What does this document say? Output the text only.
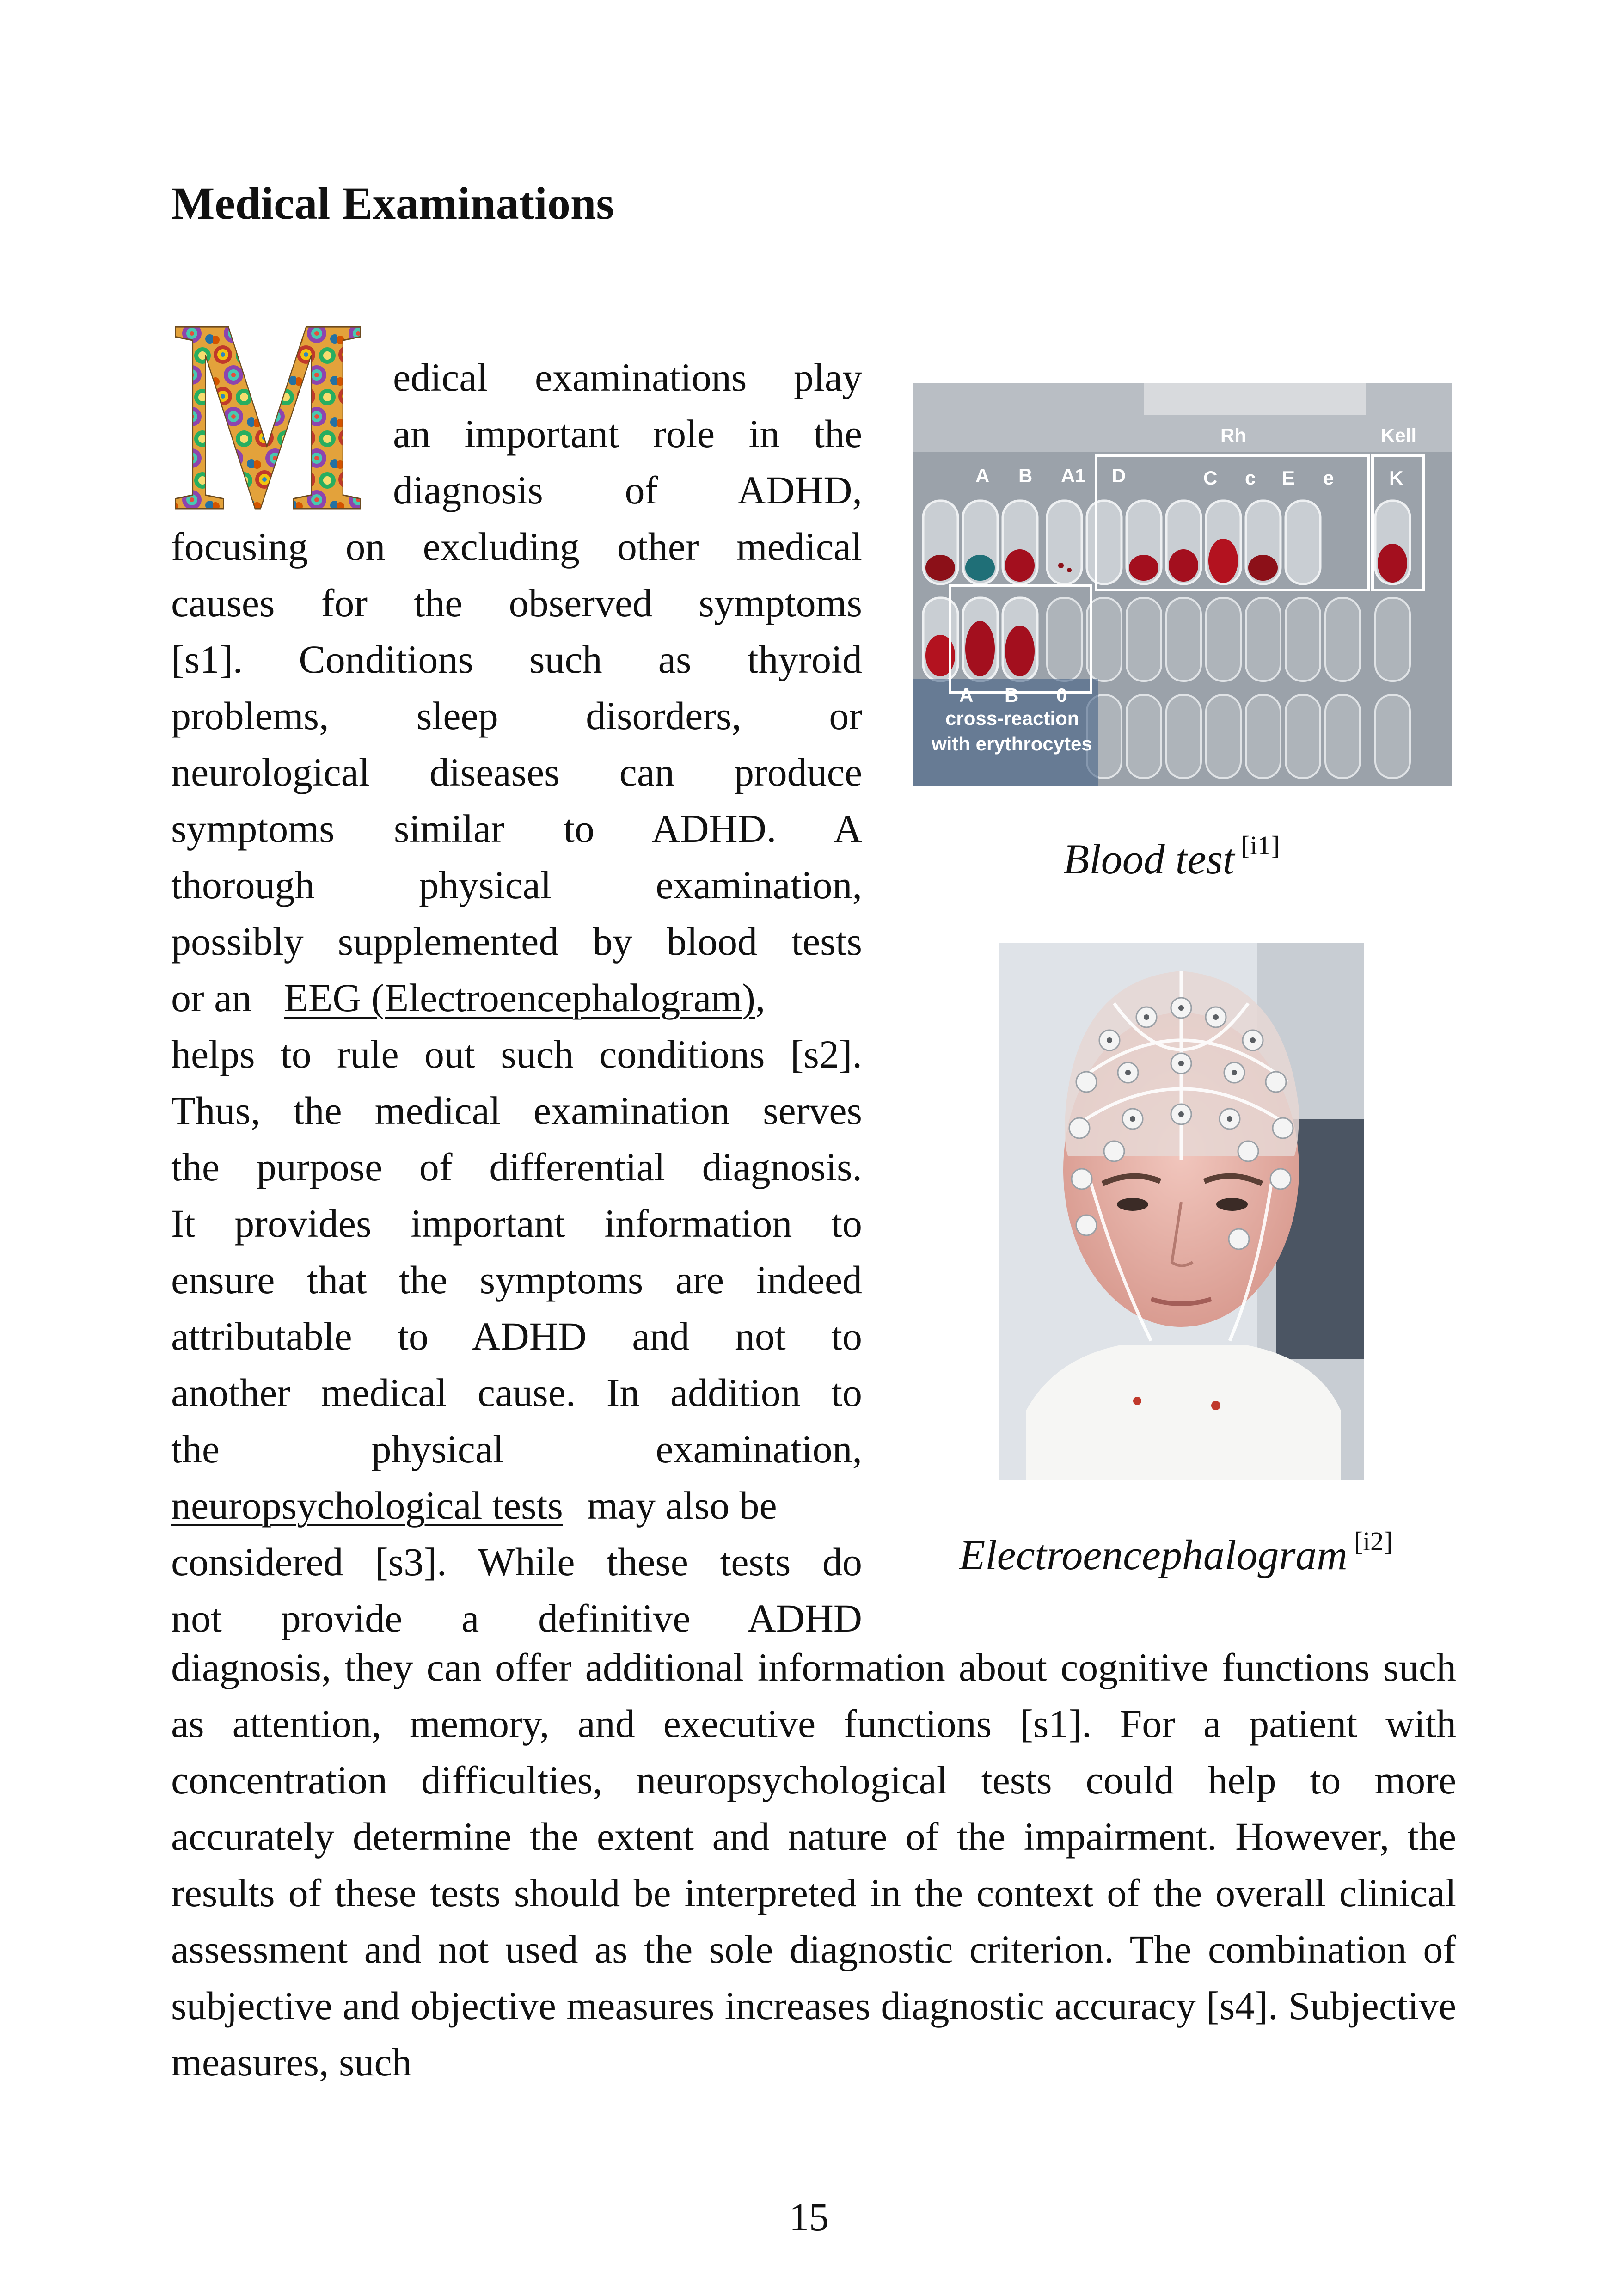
Medical Examinations
M edical examinations play
an important role in the
diagnosis of ADHD,
focusing on excluding other medical
causes for the observed symptoms
[s1]. Conditions such as thyroid
problems, sleep disorders, or
neurological diseases can produce
symptoms similar to ADHD. A
thorough physical examination,
possibly supplemented by blood tests
or an EEG (Electroencephalogram),
helps to rule out such conditions [s2].
Thus, the medical examination serves
the purpose of differential diagnosis.
It provides important information to
ensure that the symptoms are indeed
attributable to ADHD and not to
another medical cause. In addition to
the physical examination,
neuropsychological tests may also be
considered [s3]. While these tests do
not provide a definitive ADHD
diagnosis, they can offer additional information about cognitive functions such as attention, memory, and executive functions [s1]. For a patient with concentration difficulties, neuropsychological tests could help to more accurately determine the extent and nature of the impairment. However, the results of these tests should be interpreted in the context of the overall clinical assessment and not used as the sole diagnostic criterion. The combination of subjective and objective measures increases diagnostic accuracy [s4]. Subjective measures, such
Rh	Kell
A B A1 D	C c E e	K
A B 0
cross-reaction
with erythrocytes
Blood test [i1]
Electroencephalogram [i2]
15
